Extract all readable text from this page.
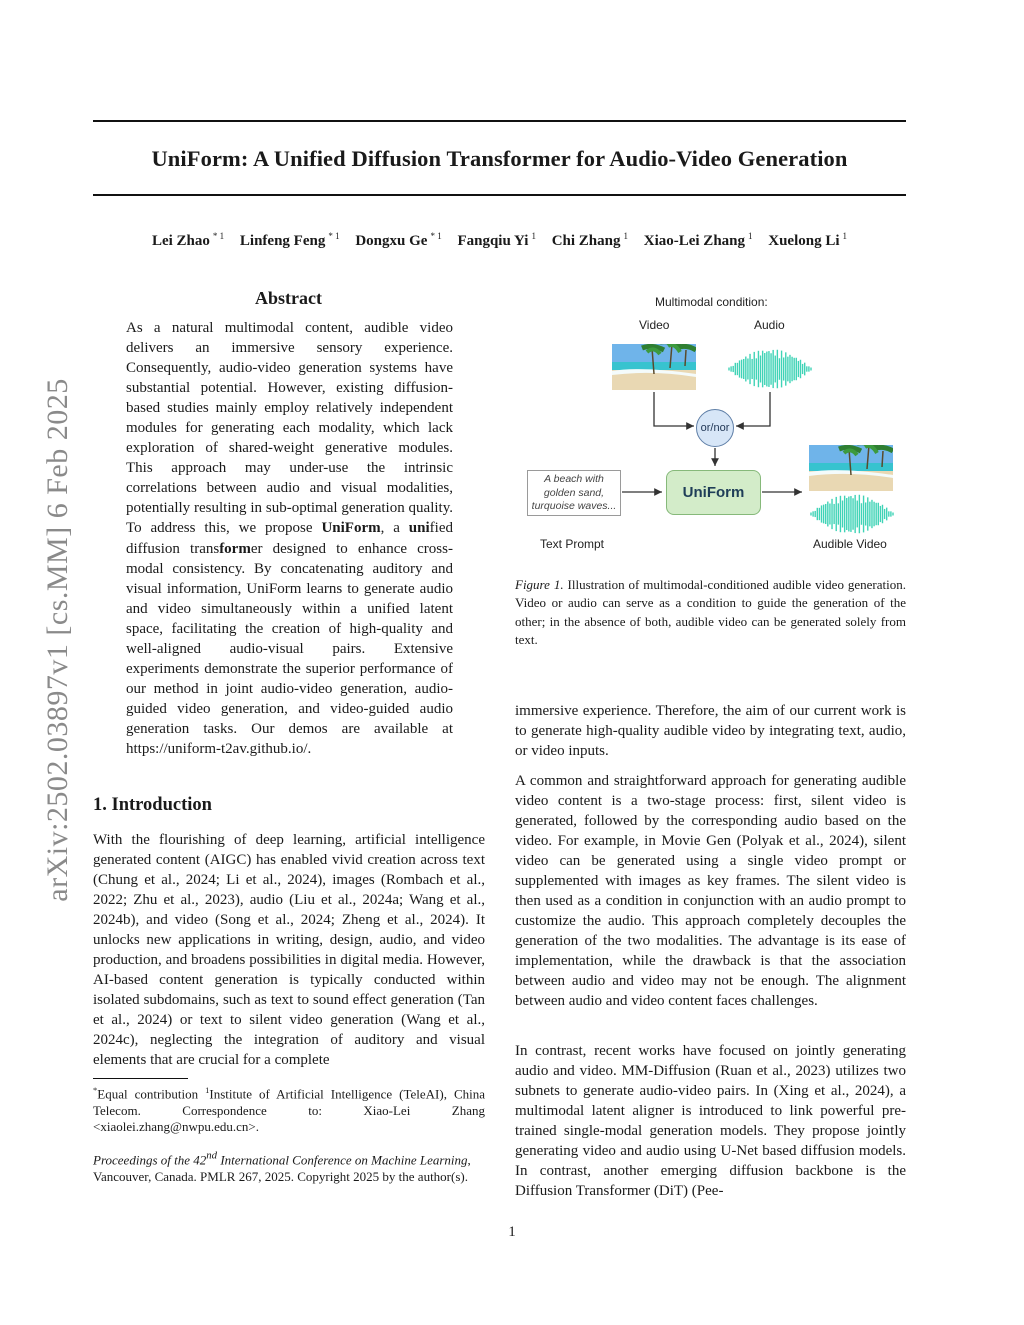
UniForm: A Unified Diffusion Transformer for Audio-Video Generation
Lei Zhao $^{* 1}$ Linfeng Feng $^{* 1}$ Dongxu Ge $^{* 1}$ Fangqiu Yi $^1$ Chi Zhang $^1$ Xiao-Lei Zhang $^1$ Xuelong Li $^1$
arXiv:2502.03897v1 [cs.MM] 6 Feb 2025
Abstract
As a natural multimodal content, audible video delivers an immersive sensory experience. Consequently, audio-video generation systems have substantial potential. However, existing diffusion-based studies mainly employ relatively independent modules for generating each modality, which lack exploration of shared-weight generative modules. This approach may under-use the intrinsic correlations between audio and visual modalities, potentially resulting in sub-optimal generation quality. To address this, we propose UniForm, a unified diffusion transformer designed to enhance cross-modal consistency. By concatenating auditory and visual information, UniForm learns to generate audio and video simultaneously within a unified latent space, facilitating the creation of high-quality and well-aligned audio-visual pairs. Extensive experiments demonstrate the superior performance of our method in joint audio-video generation, audio-guided video generation, and video-guided audio generation tasks. Our demos are available at https://uniform-t2av.github.io/.
1. Introduction
With the flourishing of deep learning, artificial intelligence generated content (AIGC) has enabled vivid creation across text (Chung et al., 2024; Li et al., 2024), images (Rombach et al., 2022; Zhu et al., 2023), audio (Liu et al., 2024a; Wang et al., 2024b), and video (Song et al., 2024; Zheng et al., 2024). It unlocks new applications in writing, design, audio, and video production, and broadens possibilities in digital media. However, AI-based content generation is typically conducted within isolated subdomains, such as text to sound effect generation (Tan et al., 2024) or text to silent video generation (Wang et al., 2024c), neglecting the integration of auditory and visual elements that are crucial for a complete
*Equal contribution $^1$Institute of Artificial Intelligence (TeleAI), China Telecom. Correspondence to: Xiao-Lei Zhang <xiaolei.zhang@nwpu.edu.cn>.
Proceedings of the 42nd International Conference on Machine Learning, Vancouver, Canada. PMLR 267, 2025. Copyright 2025 by the author(s).
Multimodal condition:
Video	Audio
or/nor
A beach with golden sand, turquoise waves...
UniForm
Text Prompt	Audible Video
Figure 1. Illustration of multimodal-conditioned audible video generation. Video or audio can serve as a condition to guide the generation of the other; in the absence of both, audible video can be generated solely from text.
immersive experience. Therefore, the aim of our current work is to generate high-quality audible video by integrating text, audio, or video inputs.
A common and straightforward approach for generating audible video content is a two-stage process: first, silent video is generated, followed by the corresponding audio based on the video. For example, in Movie Gen (Polyak et al., 2024), silent video can be generated using a single video prompt or supplemented with images as key frames. The silent video is then used as a condition in conjunction with an audio prompt to customize the audio. This approach completely decouples the generation of the two modalities. The advantage is its ease of implementation, while the drawback is that the association between audio and video may not be enough. The alignment between audio and video content faces challenges.
In contrast, recent works have focused on jointly generating audio and video. MM-Diffusion (Ruan et al., 2023) utilizes two subnets to generate audio-video pairs. In (Xing et al., 2024), a multimodal latent aligner is introduced to link powerful pre-trained single-modal generation models. They propose jointly generating video and audio using U-Net based diffusion models. In contrast, another emerging diffusion backbone is the Diffusion Transformer (DiT) (Pee-
1
